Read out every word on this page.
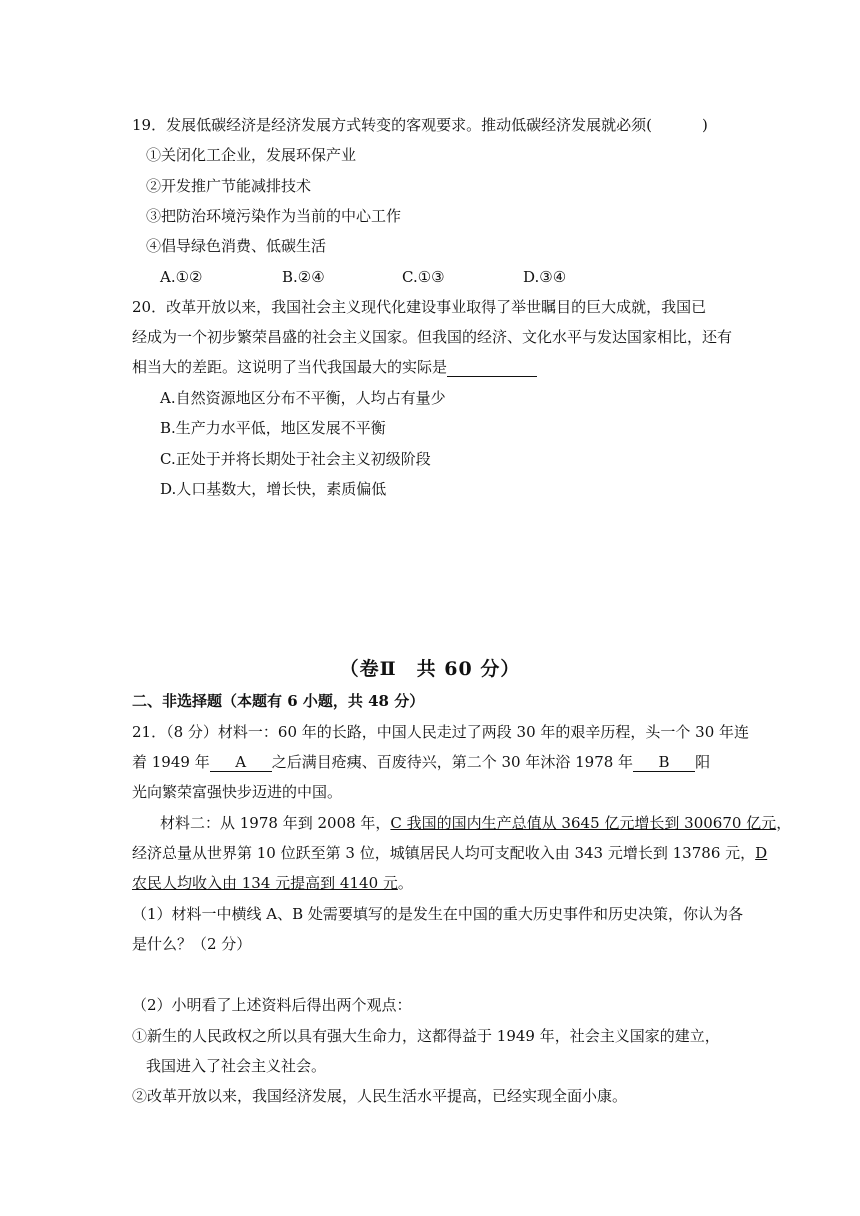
19．发展低碳经济是经济发展方式转变的客观要求。推动低碳经济发展就必须(	)
①关闭化工企业，发展环保产业
②开发推广节能减排技术
③把防治环境污染作为当前的中心工作
④倡导绿色消费、低碳生活
A.①②	B.②④	C.①③	D.③④
20．改革开放以来，我国社会主义现代化建设事业取得了举世瞩目的巨大成就，我国已
经成为一个初步繁荣昌盛的社会主义国家。但我国的经济、文化水平与发达国家相比，还有
相当大的差距。这说明了当代我国最大的实际是
A.自然资源地区分布不平衡，人均占有量少
B.生产力水平低，地区发展不平衡
C.正处于并将长期处于社会主义初级阶段
D.人口基数大，增长快，素质偏低
（卷Ⅱ　共 60 分）
二、非选择题（本题有 6 小题，共 48 分）
21．（8 分）材料一：60 年的长路，中国人民走过了两段 30 年的艰辛历程，头一个 30 年连
着 1949 年 A 之后满目疮痍、百废待兴，第二个 30 年沐浴 1978 年 B 阳
光向繁荣富强快步迈进的中国。
材料二：从 1978 年到 2008 年，C 我国的国内生产总值从 3645 亿元增长到 300670 亿元，
经济总量从世界第 10 位跃至第 3 位，城镇居民人均可支配收入由 343 元增长到 13786 元，D
农民人均收入由 134 元提高到 4140 元。
（1）材料一中横线 A、B 处需要填写的是发生在中国的重大历史事件和历史决策，你认为各
是什么？（2 分）
（2）小明看了上述资料后得出两个观点：
①新生的人民政权之所以具有强大生命力，这都得益于 1949 年，社会主义国家的建立，
我国进入了社会主义社会。
②改革开放以来，我国经济发展，人民生活水平提高，已经实现全面小康。
